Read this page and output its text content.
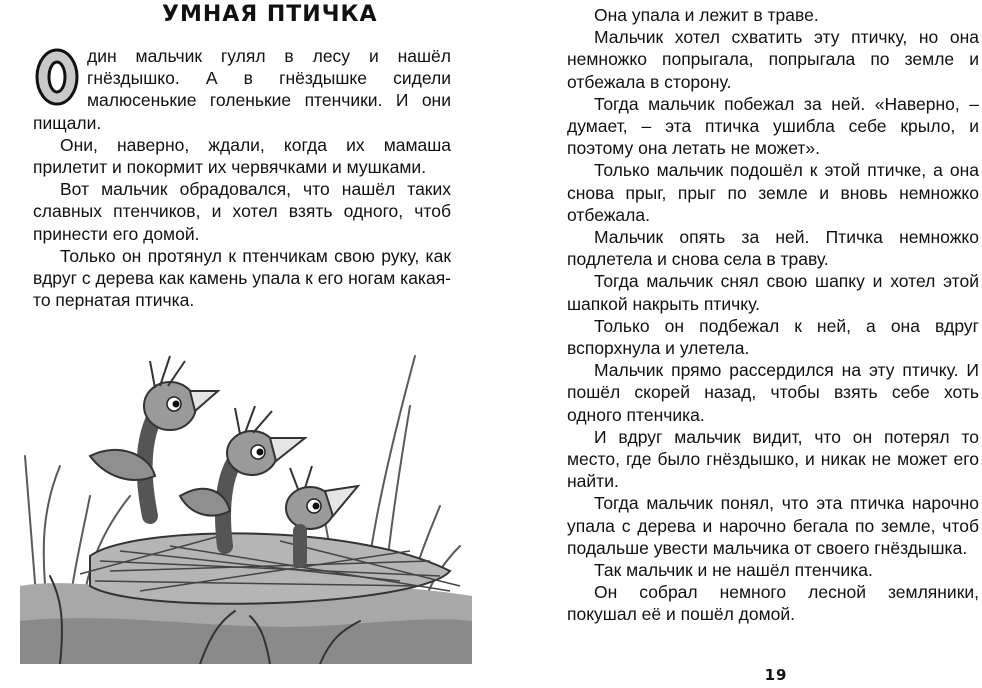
УМНАЯ ПТИЧКА

дин мальчик гулял в лесу и нашёл гнёздышко. А в гнёздышке сидели малюсенькие голенькие птенчики. И они пищали.

Они, наверно, ждали, когда их мамаша прилетит и покормит их червячками и мушками.

Вот мальчик обрадовался, что нашёл таких славных птенчиков, и хотел взять одного, чтоб принести его домой.

Только он протянул к птенчикам свою руку, как вдруг с дерева как камень упала к его ногам какая-то пернатая птичка.

Она упала и лежит в траве.

Мальчик хотел схватить эту птичку, но она немножко попрыгала, попрыгала по земле и отбежала в сторону.

Тогда мальчик побежал за ней. «Наверно, – думает, – эта птичка ушибла себе крыло, и поэтому она летать не может».

Только мальчик подошёл к этой птичке, а она снова прыг, прыг по земле и вновь немножко отбежала.

Мальчик опять за ней. Птичка немножко подлетела и снова села в траву.

Тогда мальчик снял свою шапку и хотел этой шапкой накрыть птичку.

Только он подбежал к ней, а она вдруг вспорхнула и улетела.

Мальчик прямо рассердился на эту птичку. И пошёл скорей назад, чтобы взять себе хоть одного птенчика.

И вдруг мальчик видит, что он потерял то место, где было гнёздышко, и никак не может его найти.

Тогда мальчик понял, что эта птичка нарочно упала с дерева и нарочно бегала по земле, чтоб подальше увести мальчика от своего гнёздышка.

Так мальчик и не нашёл птенчика.

Он собрал немного лесной земляники, покушал её и пошёл домой.

19
